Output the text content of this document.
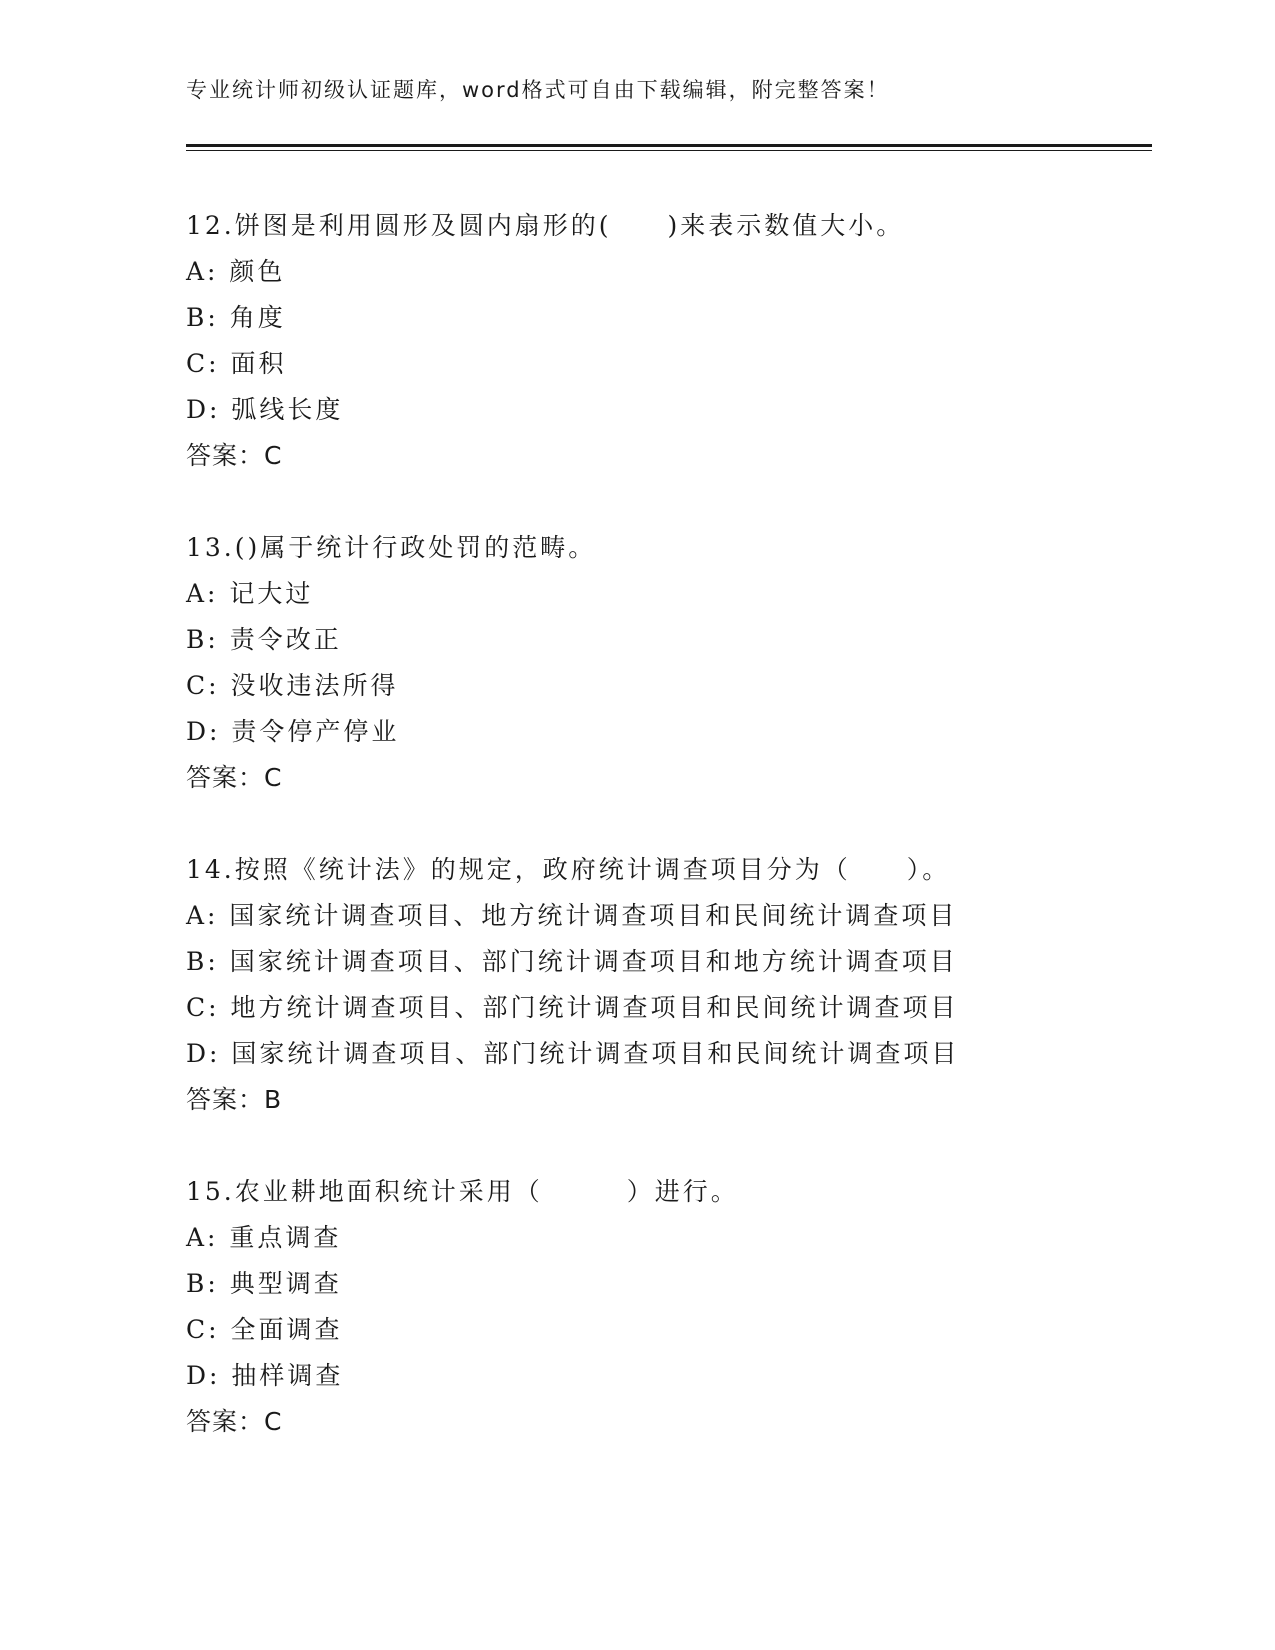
专业统计师初级认证题库，word格式可自由下载编辑，附完整答案！
12.饼图是利用圆形及圆内扇形的(　　)来表示数值大小。
A: 颜色
B: 角度
C: 面积
D: 弧线长度
答案：C
13.()属于统计行政处罚的范畴。
A: 记大过
B: 责令改正
C: 没收违法所得
D: 责令停产停业
答案：C
14.按照《统计法》的规定，政府统计调查项目分为（　　）。
A: 国家统计调查项目、地方统计调查项目和民间统计调查项目
B: 国家统计调查项目、部门统计调查项目和地方统计调查项目
C: 地方统计调查项目、部门统计调查项目和民间统计调查项目
D: 国家统计调查项目、部门统计调查项目和民间统计调查项目
答案：B
15.农业耕地面积统计采用（　　　）进行。
A: 重点调查
B: 典型调查
C: 全面调查
D: 抽样调查
答案：C
